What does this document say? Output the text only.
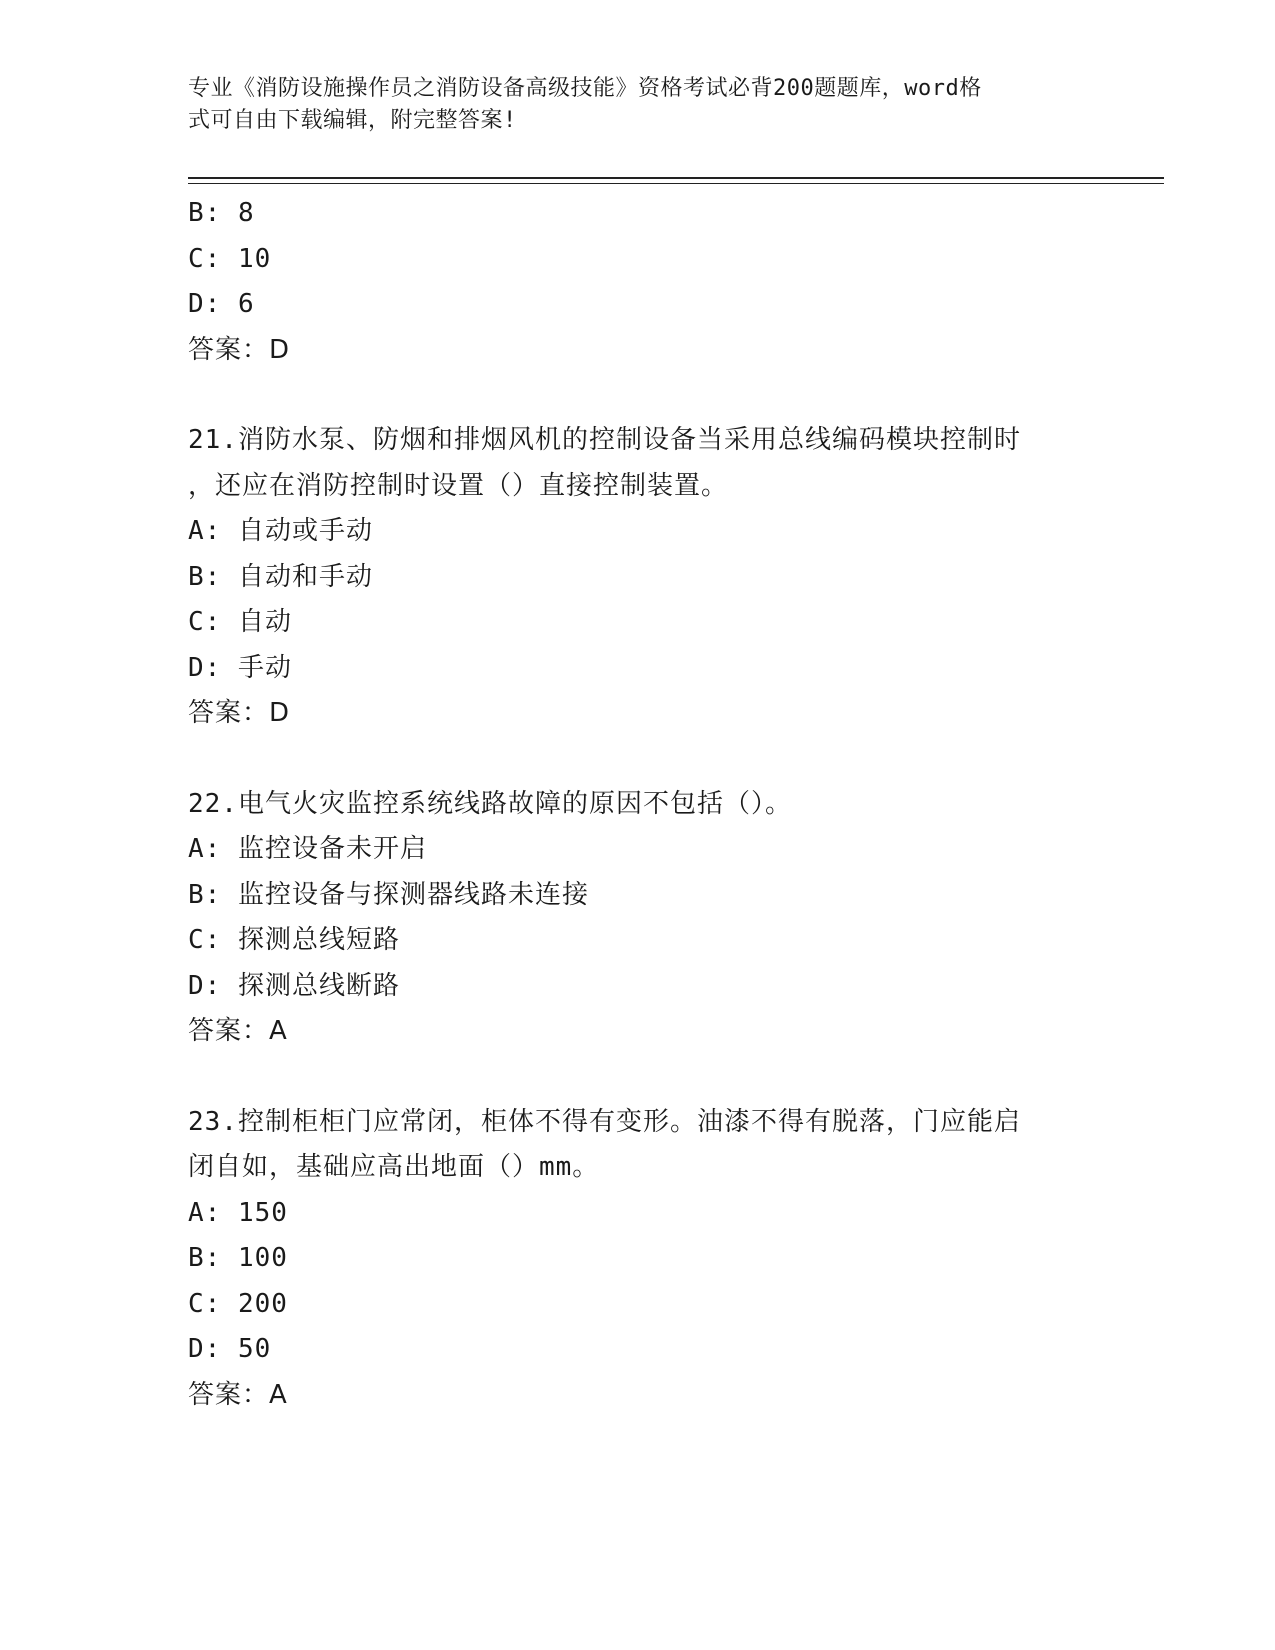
专业《消防设施操作员之消防设备高级技能》资格考试必背200题题库，word格
式可自由下载编辑，附完整答案!
B: 8
C: 10
D: 6
答案：D
21.消防水泵、防烟和排烟风机的控制设备当采用总线编码模块控制时
，还应在消防控制时设置（）直接控制装置。
A: 自动或手动
B: 自动和手动
C: 自动
D: 手动
答案：D
22.电气火灾监控系统线路故障的原因不包括（）。
A: 监控设备未开启
B: 监控设备与探测器线路未连接
C: 探测总线短路
D: 探测总线断路
答案：A
23.控制柜柜门应常闭，柜体不得有变形。油漆不得有脱落，门应能启
闭自如，基础应高出地面（）mm。
A: 150
B: 100
C: 200
D: 50
答案：A
